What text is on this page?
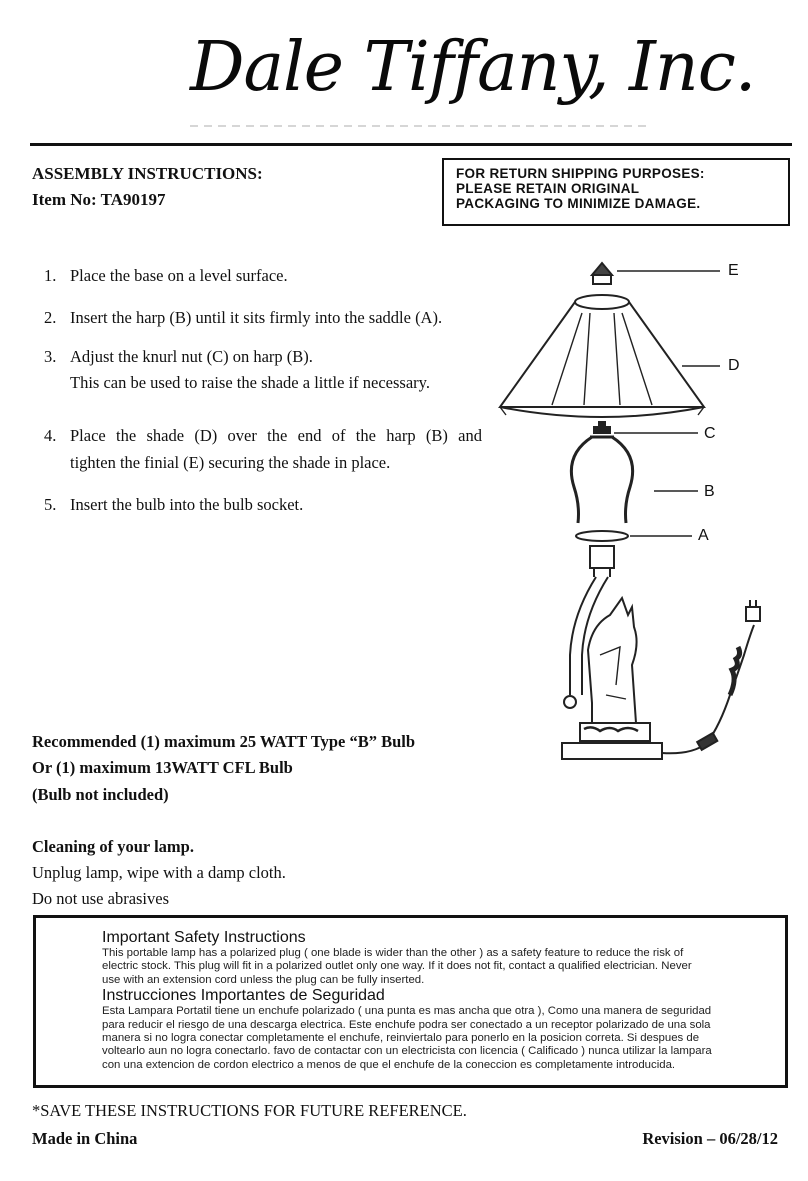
Dale Tiffany, Inc.
ASSEMBLY INSTRUCTIONS:
Item No: TA90197
FOR RETURN SHIPPING PURPOSES:
PLEASE RETAIN ORIGINAL
PACKAGING TO MINIMIZE DAMAGE.
1. Place the base on a level surface.
2. Insert the harp (B) until it sits firmly into the saddle (A).
3. Adjust the knurl nut (C) on harp (B).
This can be used to raise the shade a little if necessary.
4. Place the shade (D) over the end of the harp (B) and
tighten the finial (E) securing the shade in place.
5. Insert the bulb into the bulb socket.
E
D
C
B
A
Recommended (1) maximum 25 WATT Type “B” Bulb
Or (1) maximum 13WATT CFL Bulb
(Bulb not included)
Cleaning of your lamp.
Unplug lamp, wipe with a damp cloth.
Do not use abrasives

Important Safety Instructions

This portable lamp has a polarized plug ( one blade is wider than the other ) as a safety feature to reduce the risk of

electric stock. This plug will fit in a polarized outlet only one way. If it does not fit, contact a qualified electrician. Never

use with an extension cord unless the plug can be fully inserted.

Instrucciones Importantes de Seguridad

Esta Lampara Portatil tiene un enchufe polarizado ( una punta es mas ancha que otra ), Como una manera de seguridad

para reducir el riesgo de una descarga electrica. Este enchufe podra ser conectado a un receptor polarizado de una sola

manera si no logra conectar completamente el enchufe, reinviertalo para ponerlo en la posicion correta. Si despues de

voltearlo aun no logra conectarlo. favo de contactar con un electricista con licencia ( Calificado ) nunca utilizar la lampara

con una extencion de cordon electrico a menos de que el enchufe de la coneccion es completamente introducida.

*SAVE THESE INSTRUCTIONS FOR FUTURE REFERENCE.
Made in China	Revision – 06/28/12
